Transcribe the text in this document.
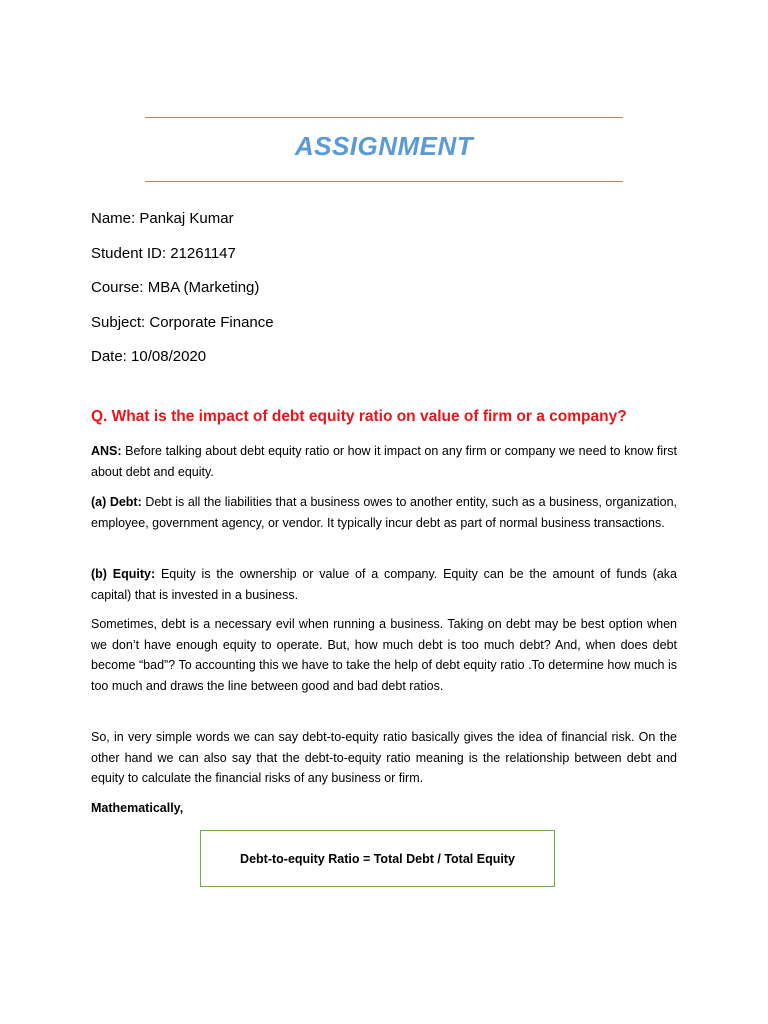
ASSIGNMENT
Name: Pankaj Kumar
Student ID: 21261147
Course: MBA (Marketing)
Subject: Corporate Finance
Date: 10/08/2020
Q. What is the impact of debt equity ratio on value of firm or a company?
ANS: Before talking about debt equity ratio or how it impact on any firm or company we need to know first about debt and equity.
(a) Debt: Debt is all the liabilities that a business owes to another entity, such as a business, organization, employee, government agency, or vendor. It typically incur debt as part of normal business transactions.
(b) Equity: Equity is the ownership or value of a company. Equity can be the amount of funds (aka capital) that is invested in a business.
Sometimes, debt is a necessary evil when running a business. Taking on debt may be best option when we don’t have enough equity to operate. But, how much debt is too much debt? And, when does debt become “bad”? To accounting this we have to take the help of debt equity ratio .To determine how much is too much and draws the line between good and bad debt ratios.
So, in very simple words we can say debt-to-equity ratio basically gives the idea of financial risk. On the other hand we can also say that the debt-to-equity ratio meaning is the relationship between debt and equity to calculate the financial risks of any business or firm.
Mathematically,
Debt-to-equity Ratio = Total Debt / Total Equity
